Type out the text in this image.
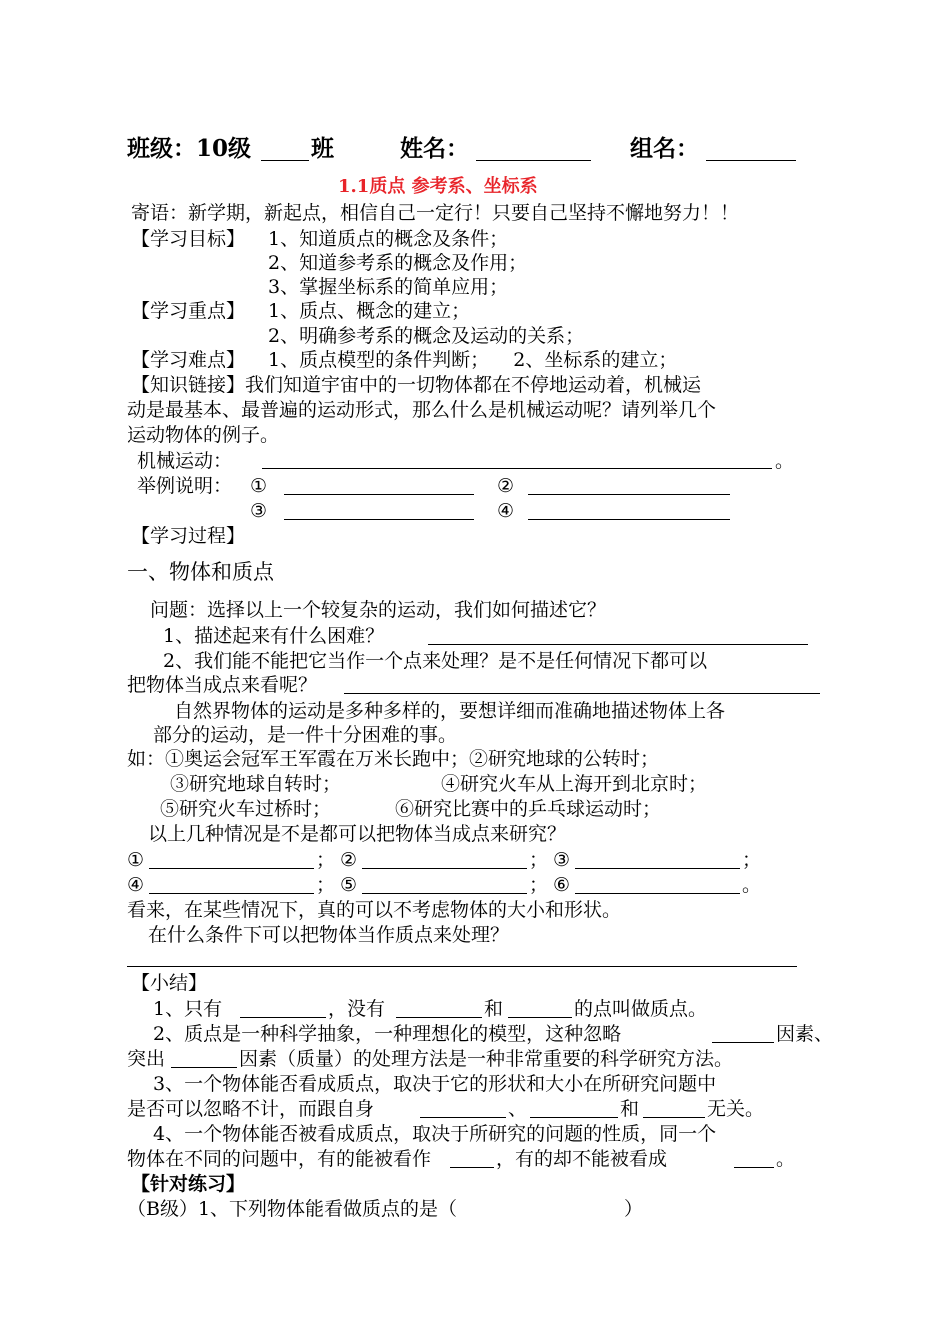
班级：10级	班	姓名：	组名：
1.1质点 参考系、坐标系
寄语：新学期，新起点，相信自己一定行！只要自己坚持不懈地努力！！
【学习目标】 1、知道质点的概念及条件；
2、知道参考系的概念及作用；
3、掌握坐标系的简单应用；
【学习重点】 1、质点、概念的建立；
2、明确参考系的概念及运动的关系；
【学习难点】 1、质点模型的条件判断；    2、坐标系的建立；
【知识链接】我们知道宇宙中的一切物体都在不停地运动着，机械运
动是最基本、最普遍的运动形式，那么什么是机械运动呢？请列举几个
运动物体的例子。
机械运动：	。
举例说明： ①	②
③	④
【学习过程】
一、物体和质点
问题：选择以上一个较复杂的运动，我们如何描述它？
1、描述起来有什么困难？
2、我们能不能把它当作一个点来处理？是不是任何情况下都可以
把物体当成点来看呢？
自然界物体的运动是多种多样的，要想详细而准确地描述物体上各
部分的运动，是一件十分困难的事。
如：①奥运会冠军王军霞在万米长跑中；②研究地球的公转时；
③研究地球自转时；	④研究火车从上海开到北京时；
⑤研究火车过桥时；	⑥研究比赛中的乒乓球运动时；
以上几种情况是不是都可以把物体当成点来研究？
①	； ②	； ③	；
④	； ⑤	； ⑥	。
看来，在某些情况下，真的可以不考虑物体的大小和形状。
在什么条件下可以把物体当作质点来处理？
【小结】
1、只有	，没有	和	的点叫做质点。
2、质点是一种科学抽象，一种理想化的模型，这种忽略	因素、
突出	因素（质量）的处理方法是一种非常重要的科学研究方法。
3、一个物体能否看成质点，取决于它的形状和大小在所研究问题中
是否可以忽略不计，而跟自身	、	和	无关。
4、一个物体能否被看成质点，取决于所研究的问题的性质，同一个
物体在不同的问题中，有的能被看作	，有的却不能被看成	。
【针对练习】
（B级）1、下列物体能看做质点的是（	）
